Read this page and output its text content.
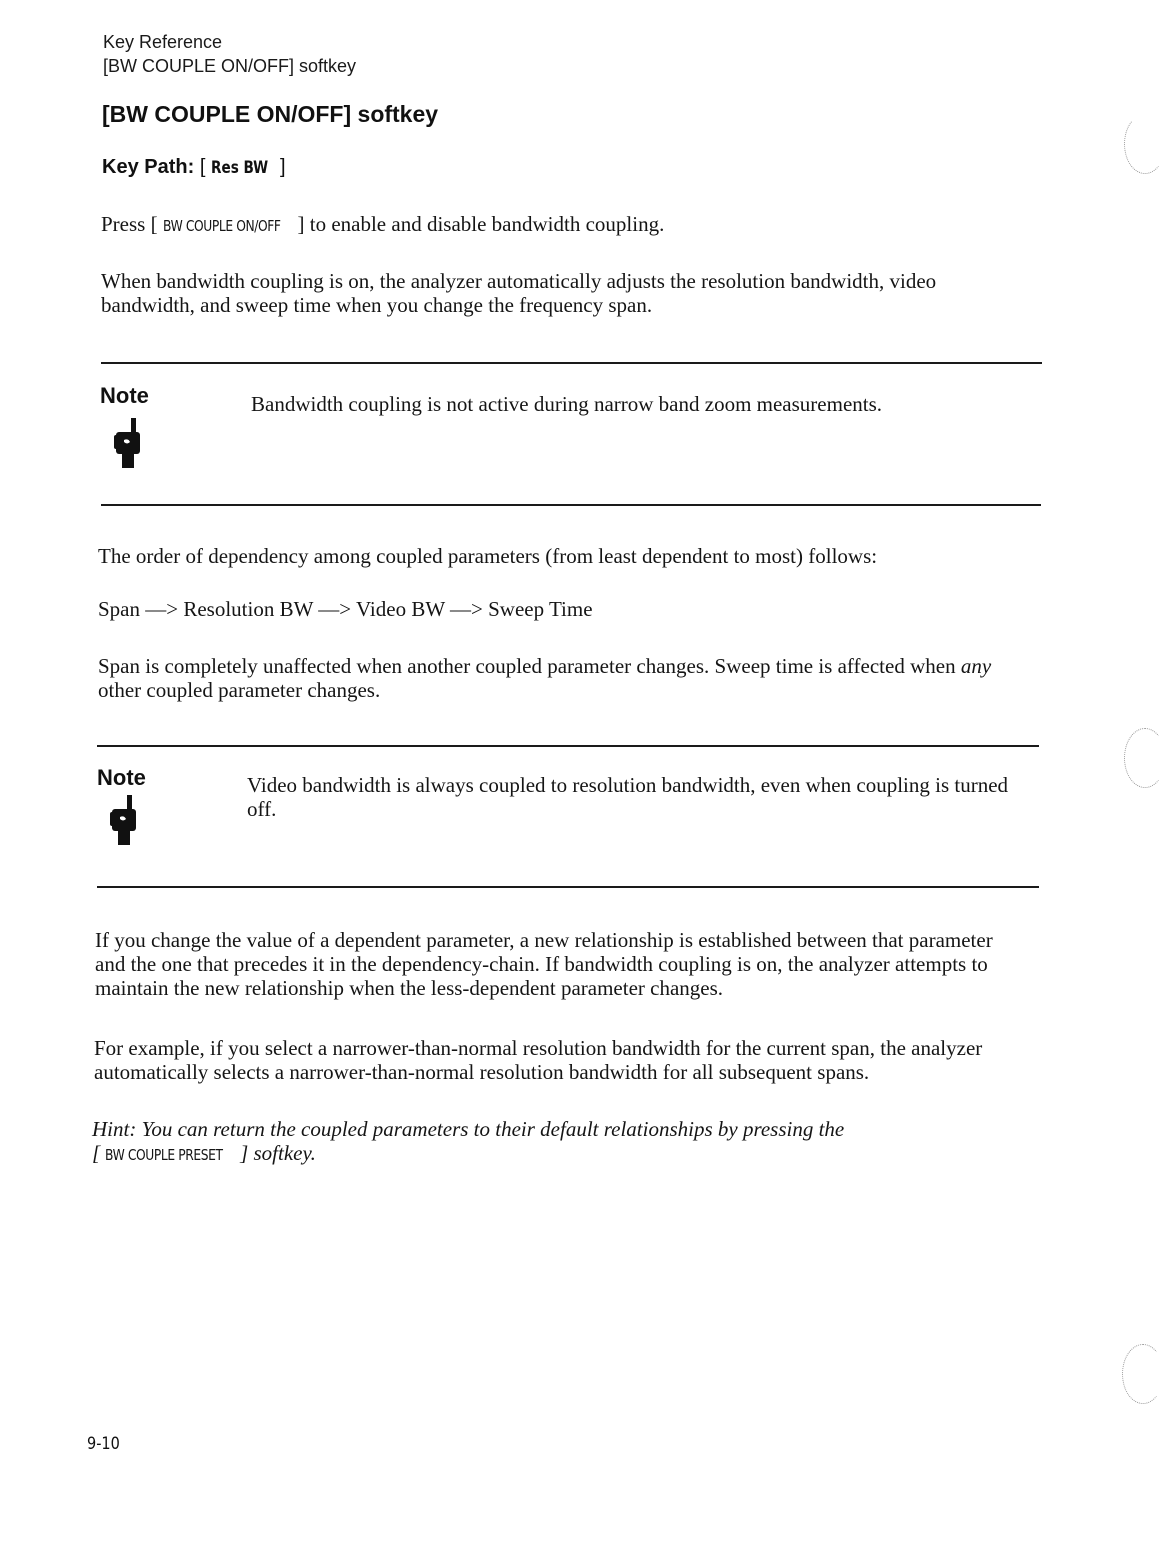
Key Reference
[BW COUPLE ON/OFF] softkey
[BW COUPLE ON/OFF] softkey
Key Path: [ Res BW ]
Press [ BW COUPLE ON/OFF ] to enable and disable bandwidth coupling.
When bandwidth coupling is on, the analyzer automatically adjusts the resolution bandwidth, video bandwidth, and sweep time when you change the frequency span.
Note	Bandwidth coupling is not active during narrow band zoom measurements.
The order of dependency among coupled parameters (from least dependent to most) follows:
Span —> Resolution BW —> Video BW —> Sweep Time
Span is completely unaffected when another coupled parameter changes. Sweep time is affected when any other coupled parameter changes.
Note	Video bandwidth is always coupled to resolution bandwidth, even when coupling is turned off.
If you change the value of a dependent parameter, a new relationship is established between that parameter and the one that precedes it in the dependency-chain. If bandwidth coupling is on, the analyzer attempts to maintain the new relationship when the less-dependent parameter changes.
For example, if you select a narrower-than-normal resolution bandwidth for the current span, the analyzer automatically selects a narrower-than-normal resolution bandwidth for all subsequent spans.
Hint: You can return the coupled parameters to their default relationships by pressing the
[ BW COUPLE PRESET ] softkey.
9-10
